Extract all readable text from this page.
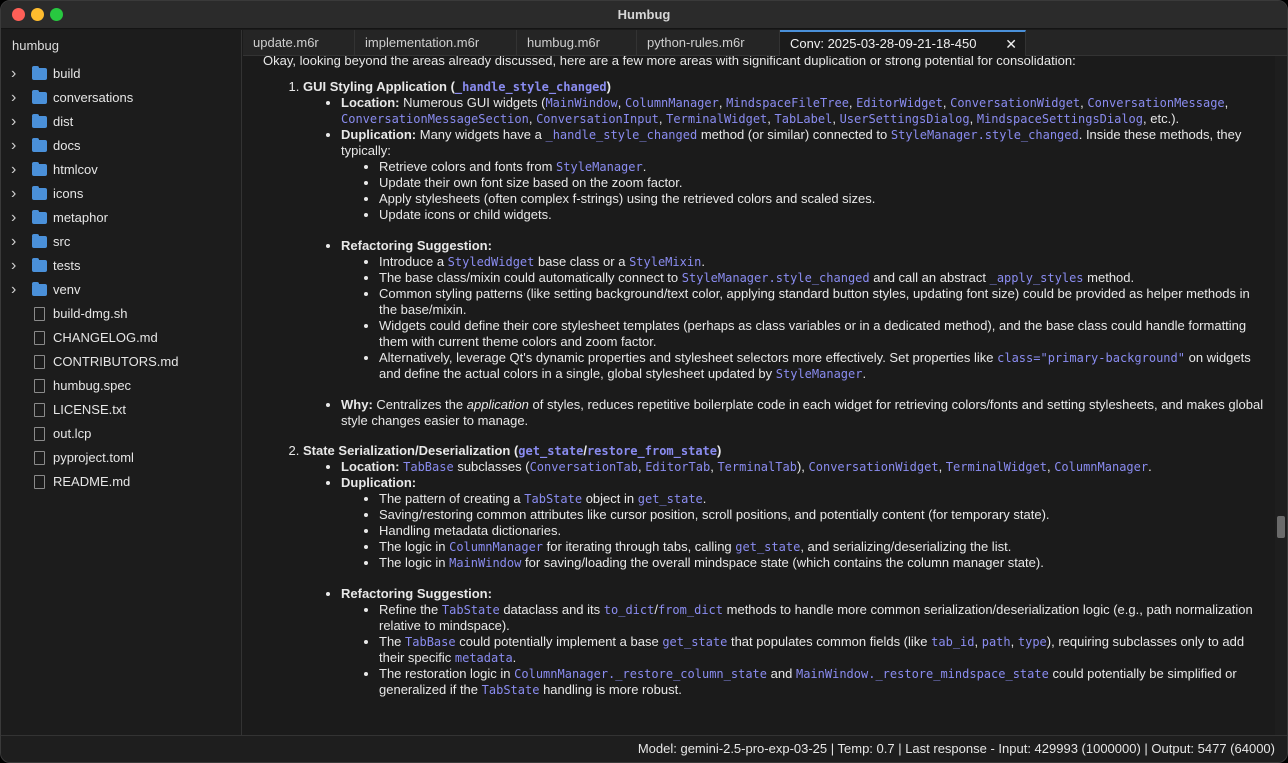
Humbug
humbug
›	build
›	conversations
›	dist
›	docs
›	htmlcov
›	icons
›	metaphor
›	src
›	tests
›	venv
build-dmg.sh
CHANGELOG.md
CONTRIBUTORS.md
humbug.spec
LICENSE.txt
out.lcp
pyproject.toml
README.md
update.m6r	implementation.m6r	humbug.m6r	python-rules.m6r	Conv: 2025-03-28-09-21-18-450 ✕

Okay, looking beyond the areas already discussed, here are a few more areas with significant duplication or strong potential for consolidation:

1. GUI Styling Application (_handle_style_changed)
• Location: Numerous GUI widgets (MainWindow, ColumnManager, MindspaceFileTree, EditorWidget, ConversationWidget, ConversationMessage, ConversationMessageSection, ConversationInput, TerminalWidget, TabLabel, UserSettingsDialog, MindspaceSettingsDialog, etc.).
• Duplication: Many widgets have a _handle_style_changed method (or similar) connected to StyleManager.style_changed. Inside these methods, they typically:
• Retrieve colors and fonts from StyleManager.
• Update their own font size based on the zoom factor.
• Apply stylesheets (often complex f-strings) using the retrieved colors and scaled sizes.
• Update icons or child widgets.
• Refactoring Suggestion:
• Introduce a StyledWidget base class or a StyleMixin.
• The base class/mixin could automatically connect to StyleManager.style_changed and call an abstract _apply_styles method.
• Common styling patterns (like setting background/text color, applying standard button styles, updating font size) could be provided as helper methods in the base/mixin.
• Widgets could define their core stylesheet templates (perhaps as class variables or in a dedicated method), and the base class could handle formatting them with current theme colors and zoom factor.
• Alternatively, leverage Qt's dynamic properties and stylesheet selectors more effectively. Set properties like class="primary-background" on widgets and define the actual colors in a single, global stylesheet updated by StyleManager.
• Why: Centralizes the application of styles, reduces repetitive boilerplate code in each widget for retrieving colors/fonts and setting stylesheets, and makes global style changes easier to manage.
2. State Serialization/Deserialization (get_state/restore_from_state)
• Location: TabBase subclasses (ConversationTab, EditorTab, TerminalTab), ConversationWidget, TerminalWidget, ColumnManager.
• Duplication:
• The pattern of creating a TabState object in get_state.
• Saving/restoring common attributes like cursor position, scroll positions, and potentially content (for temporary state).
• Handling metadata dictionaries.
• The logic in ColumnManager for iterating through tabs, calling get_state, and serializing/deserializing the list.
• The logic in MainWindow for saving/loading the overall mindspace state (which contains the column manager state).
• Refactoring Suggestion:
• Refine the TabState dataclass and its to_dict/from_dict methods to handle more common serialization/deserialization logic (e.g., path normalization relative to mindspace).
• The TabBase could potentially implement a base get_state that populates common fields (like tab_id, path, type), requiring subclasses only to add their specific metadata.
• The restoration logic in ColumnManager._restore_column_state and MainWindow._restore_mindspace_state could potentially be simplified or generalized if the TabState handling is more robust.
Model: gemini-2.5-pro-exp-03-25 | Temp: 0.7 | Last response - Input: 429993 (1000000) | Output: 5477 (64000)
